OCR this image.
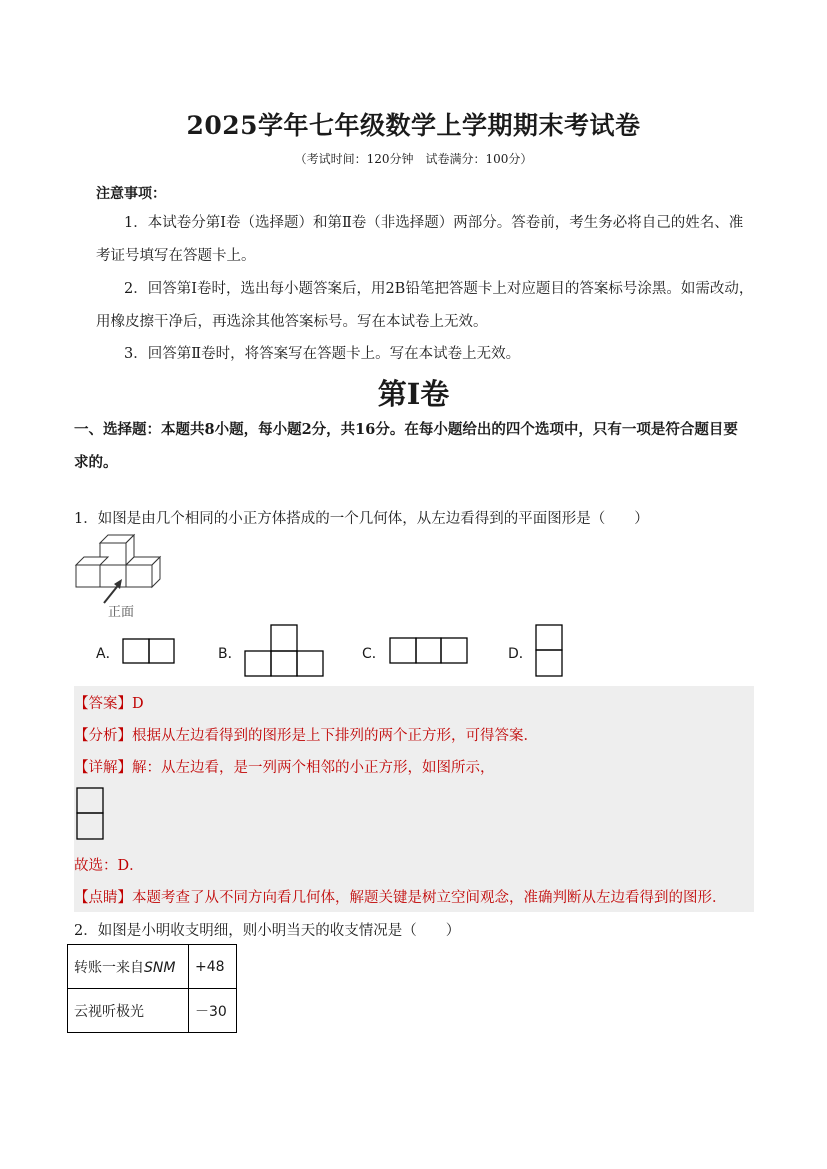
2025学年七年级数学上学期期末考试卷
（考试时间：120分钟　试卷满分：100分）
注意事项：
1．本试卷分第Ⅰ卷（选择题）和第Ⅱ卷（非选择题）两部分。答卷前，考生务必将自己的姓名、准
考证号填写在答题卡上。
2．回答第Ⅰ卷时，选出每小题答案后，用2B铅笔把答题卡上对应题目的答案标号涂黑。如需改动，
用橡皮擦干净后，再选涂其他答案标号。写在本试卷上无效。
3．回答第Ⅱ卷时，将答案写在答题卡上。写在本试卷上无效。
第Ⅰ卷
一、选择题：本题共8小题，每小题2分，共16分。在每小题给出的四个选项中，只有一项是符合题目要
求的。
1．如图是由几个相同的小正方体搭成的一个几何体，从左边看得到的平面图形是（　　）
正面
A．	B．	C．	D．
【答案】D
【分析】根据从左边看得到的图形是上下排列的两个正方形，可得答案．
【详解】解：从左边看，是一列两个相邻的小正方形，如图所示，
故选：D．
【点睛】本题考查了从不同方向看几何体，解题关键是树立空间观念，准确判断从左边看得到的图形．
2．如图是小明收支明细，则小明当天的收支情况是（　　）
转账一来自SNM	+48
云视听极光	－30
